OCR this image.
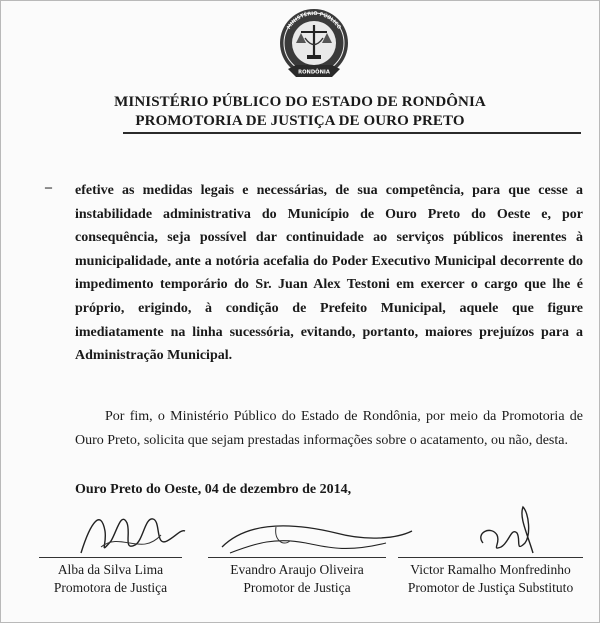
MINISTÉRIO PÚBLICO
RONDÔNIA
MINISTÉRIO PÚBLICO DO ESTADO DE RONDÔNIA
PROMOTORIA DE JUSTIÇA DE OURO PRETO
– efetive as medidas legais e necessárias, de sua competência, para que cesse a instabilidade administrativa do Município de Ouro Preto do Oeste e, por consequência, seja possível dar continuidade ao serviços públicos inerentes à municipalidade, ante a notória acefalia do Poder Executivo Municipal decorrente do impedimento temporário do Sr. Juan Alex Testoni em exercer o cargo que lhe é próprio, erigindo, à condição de Prefeito Municipal, aquele que figure imediatamente na linha sucessória, evitando, portanto, maiores prejuízos para a Administração Municipal.
Por fim, o Ministério Público do Estado de Rondônia, por meio da Promotoria de Ouro Preto, solicita que sejam prestadas informações sobre o acatamento, ou não, desta.
Ouro Preto do Oeste, 04 de dezembro de 2014,
Alba da Silva Lima
Promotora de Justiça
Evandro Araujo Oliveira
Promotor de Justiça
Victor Ramalho Monfredinho
Promotor de Justiça Substituto
